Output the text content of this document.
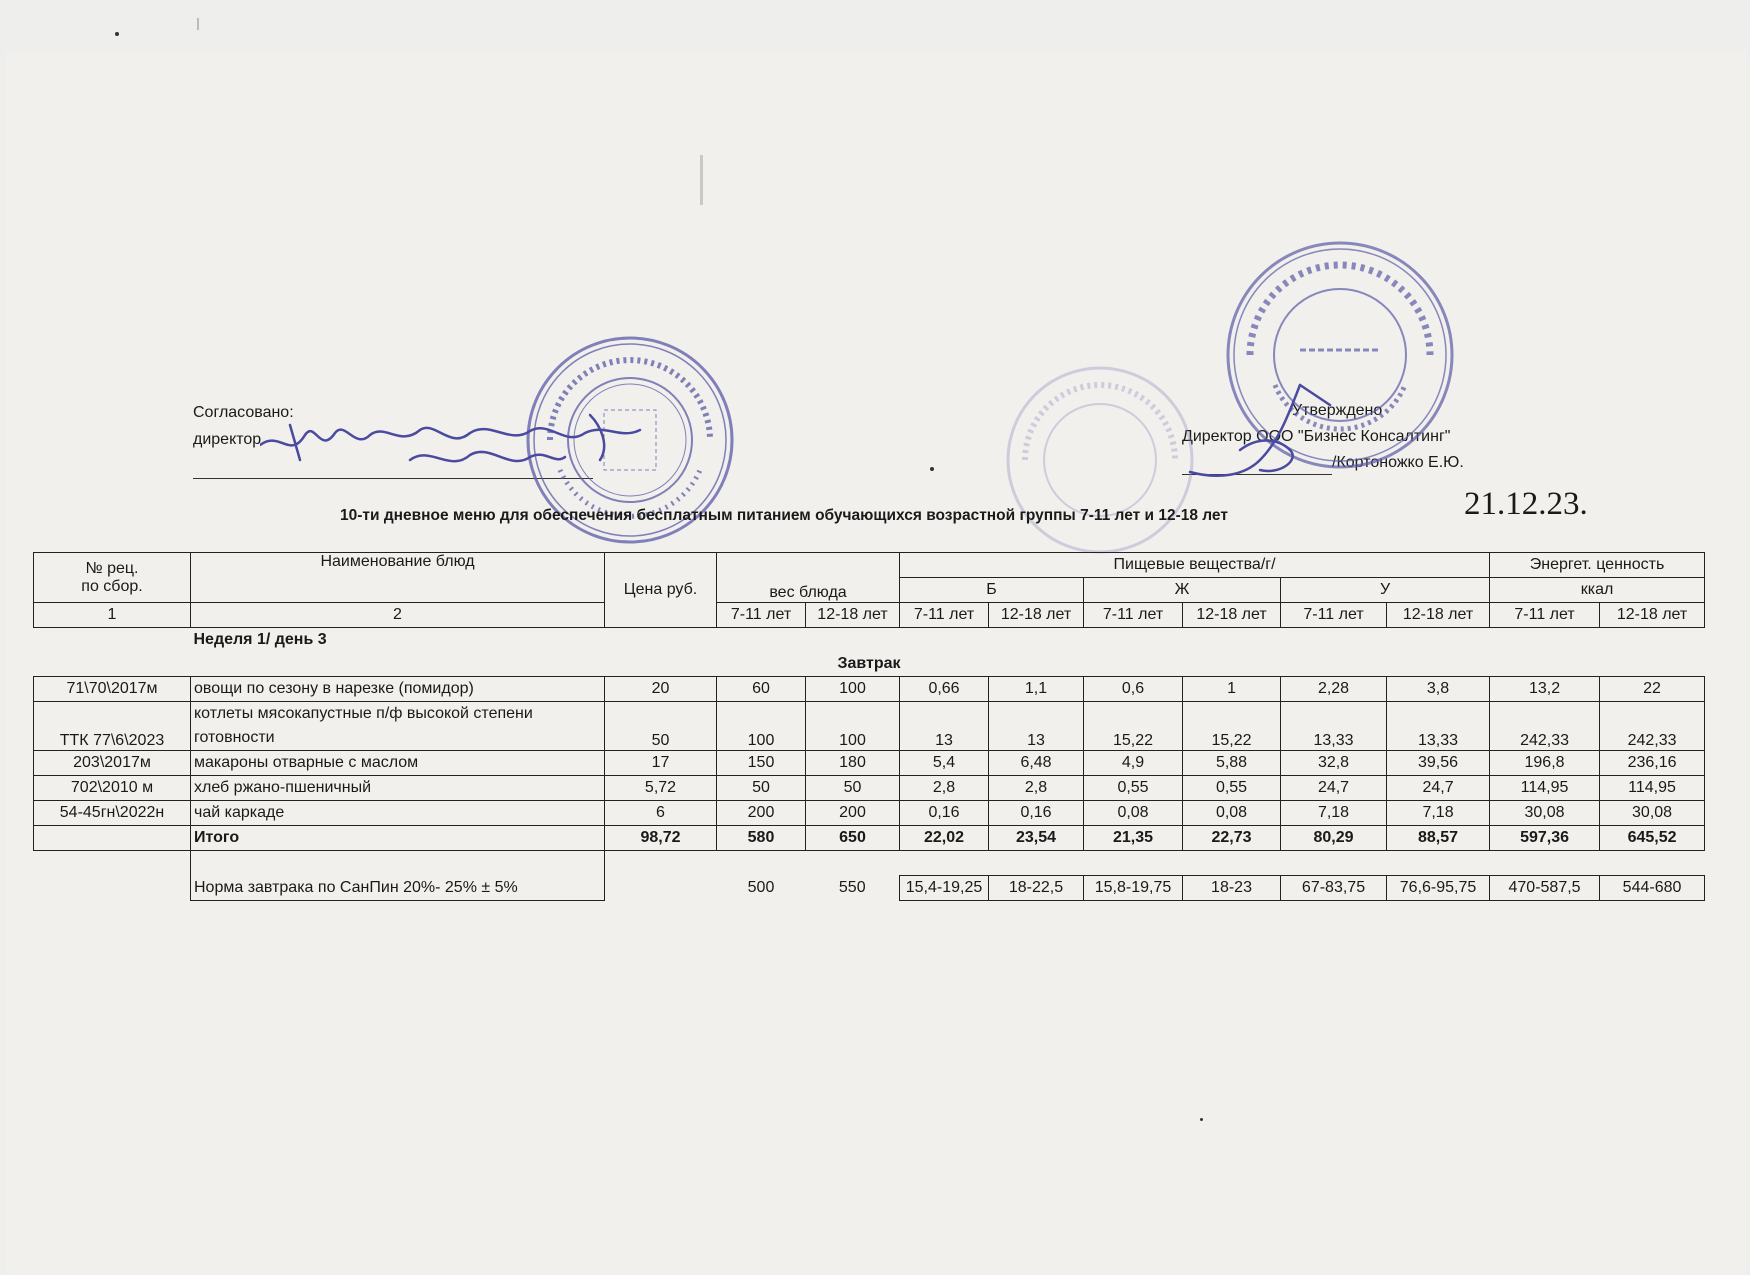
Согласовано:
директор
Утверждено
Директор ООО "Бизнес Консалтинг"
/Кортоножко Е.Ю.
21.12.23.
10-ти дневное меню для обеспечения бесплатным питанием обучающихся возрастной группы 7-11 лет и 12-18 лет
№ рец.
по сбор.	Наименование блюд	Цена руб.	вес блюда		Пищевые вещества/г/						Энергет. ценность	
					Б		Ж		У		ккал	
1	2		7-11 лет	12-18 лет	7-11 лет	12-18 лет	7-11 лет	12-18 лет	7-11 лет	12-18 лет	7-11 лет	12-18 лет
	Неделя 1/ день 3											
Завтрак												
71\70\2017м	овощи по сезону в нарезке (помидор)	20	60	100	0,66	1,1	0,6	1	2,28	3,8	13,2	22
ТТК 77\6\2023	котлеты мясокапустные п/ф высокой степени готовности	50	100	100	13	13	15,22	15,22	13,33	13,33	242,33	242,33
203\2017м	макароны отварные с маслом	17	150	180	5,4	6,48	4,9	5,88	32,8	39,56	196,8	236,16
702\2010 м	хлеб ржано-пшеничный	5,72	50	50	2,8	2,8	0,55	0,55	24,7	24,7	114,95	114,95
54-45гн\2022н	чай каркаде	6	200	200	0,16	0,16	0,08	0,08	7,18	7,18	30,08	30,08
	Итого	98,72	580	650	22,02	23,54	21,35	22,73	80,29	88,57	597,36	645,52

	Норма завтрака по СанПин 20%- 25% ± 5%		500	550	15,4-19,25	18-22,5	15,8-19,75	18-23	67-83,75	76,6-95,75	470-587,5	544-680
